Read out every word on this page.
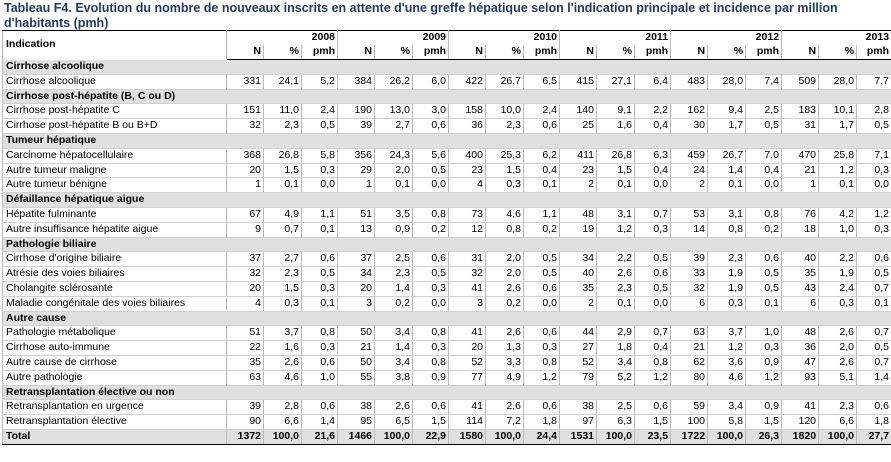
Tableau F4. Evolution du nombre de nouveaux inscrits en attente d'une greffe hépatique selon l'indication principale et incidence par million d'habitants (pmh)
Indication	2008			2009			2010			2011			2012			2013		
	N	%	pmh	N	%	pmh	N	%	pmh	N	%	pmh	N	%	pmh	N	%	pmh
Cirrhose alcoolique																		
Cirrhose alcoolique	331	24,1	5,2	384	26,2	6,0	422	26,7	6,5	415	27,1	6,4	483	28,0	7,4	509	28,0	7,7
Cirrhose post-hépatite (B, C ou D)																		
Cirrhose post-hépatite C	151	11,0	2,4	190	13,0	3,0	158	10,0	2,4	140	9,1	2,2	162	9,4	2,5	183	10,1	2,8
Cirrhose post-hépatite B ou B+D	32	2,3	0,5	39	2,7	0,6	36	2,3	0,6	25	1,6	0,4	30	1,7	0,5	31	1,7	0,5
Tumeur hépatique																		
Carcinome hépatocellulaire	368	26,8	5,8	356	24,3	5,6	400	25,3	6,2	411	26,8	6,3	459	26,7	7,0	470	25,8	7,1
Autre tumeur maligne	20	1,5	0,3	29	2,0	0,5	23	1,5	0,4	23	1,5	0,4	24	1,4	0,4	21	1,2	0,3
Autre tumeur bénigne	1	0,1	0,0	1	0,1	0,0	4	0,3	0,1	2	0,1	0,0	2	0,1	0,0	1	0,1	0,0
Défaillance hépatique aigue																		
Hépatite fulminante	67	4,9	1,1	51	3,5	0,8	73	4,6	1,1	48	3,1	0,7	53	3,1	0,8	76	4,2	1,2
Autre insuffisance hépatite aigue	9	0,7	0,1	13	0,9	0,2	12	0,8	0,2	19	1,2	0,3	14	0,8	0,2	18	1,0	0,3
Pathologie biliaire																		
Cirrhose d'origine biliaire	37	2,7	0,6	37	2,5	0,6	31	2,0	0,5	34	2,2	0,5	39	2,3	0,6	40	2,2	0,6
Atrésie des voies biliaires	32	2,3	0,5	34	2,3	0,5	32	2,0	0,5	40	2,6	0,6	33	1,9	0,5	35	1,9	0,5
Cholangite sclérosante	20	1,5	0,3	20	1,4	0,3	41	2,6	0,6	35	2,3	0,5	32	1,9	0,5	43	2,4	0,7
Maladie congénitale des voies biliaires	4	0,3	0,1	3	0,2	0,0	3	0,2	0,0	2	0,1	0,0	6	0,3	0,1	6	0,3	0,1
Autre cause																		
Pathologie métabolique	51	3,7	0,8	50	3,4	0,8	41	2,6	0,6	44	2,9	0,7	63	3,7	1,0	48	2,6	0,7
Cirrhose auto-immune	22	1,6	0,3	21	1,4	0,3	20	1,3	0,3	27	1,8	0,4	21	1,2	0,3	36	2,0	0,5
Autre cause de cirrhose	35	2,6	0,6	50	3,4	0,8	52	3,3	0,8	52	3,4	0,8	62	3,6	0,9	47	2,6	0,7
Autre pathologie	63	4,6	1,0	55	3,8	0,9	77	4,9	1,2	79	5,2	1,2	80	4,6	1,2	93	5,1	1,4
Retransplantation élective ou non																		
Retransplantation en urgence	39	2,8	0,6	38	2,6	0,6	41	2,6	0,6	38	2,5	0,6	59	3,4	0,9	41	2,3	0,6
Retransplantation élective	90	6,6	1,4	95	6,5	1,5	114	7,2	1,8	97	6,3	1,5	100	5,8	1,5	120	6,6	1,8
Total	1372	100,0	21,6	1466	100,0	22,9	1580	100,0	24,4	1531	100,0	23,5	1722	100,0	26,3	1820	100,0	27,7
